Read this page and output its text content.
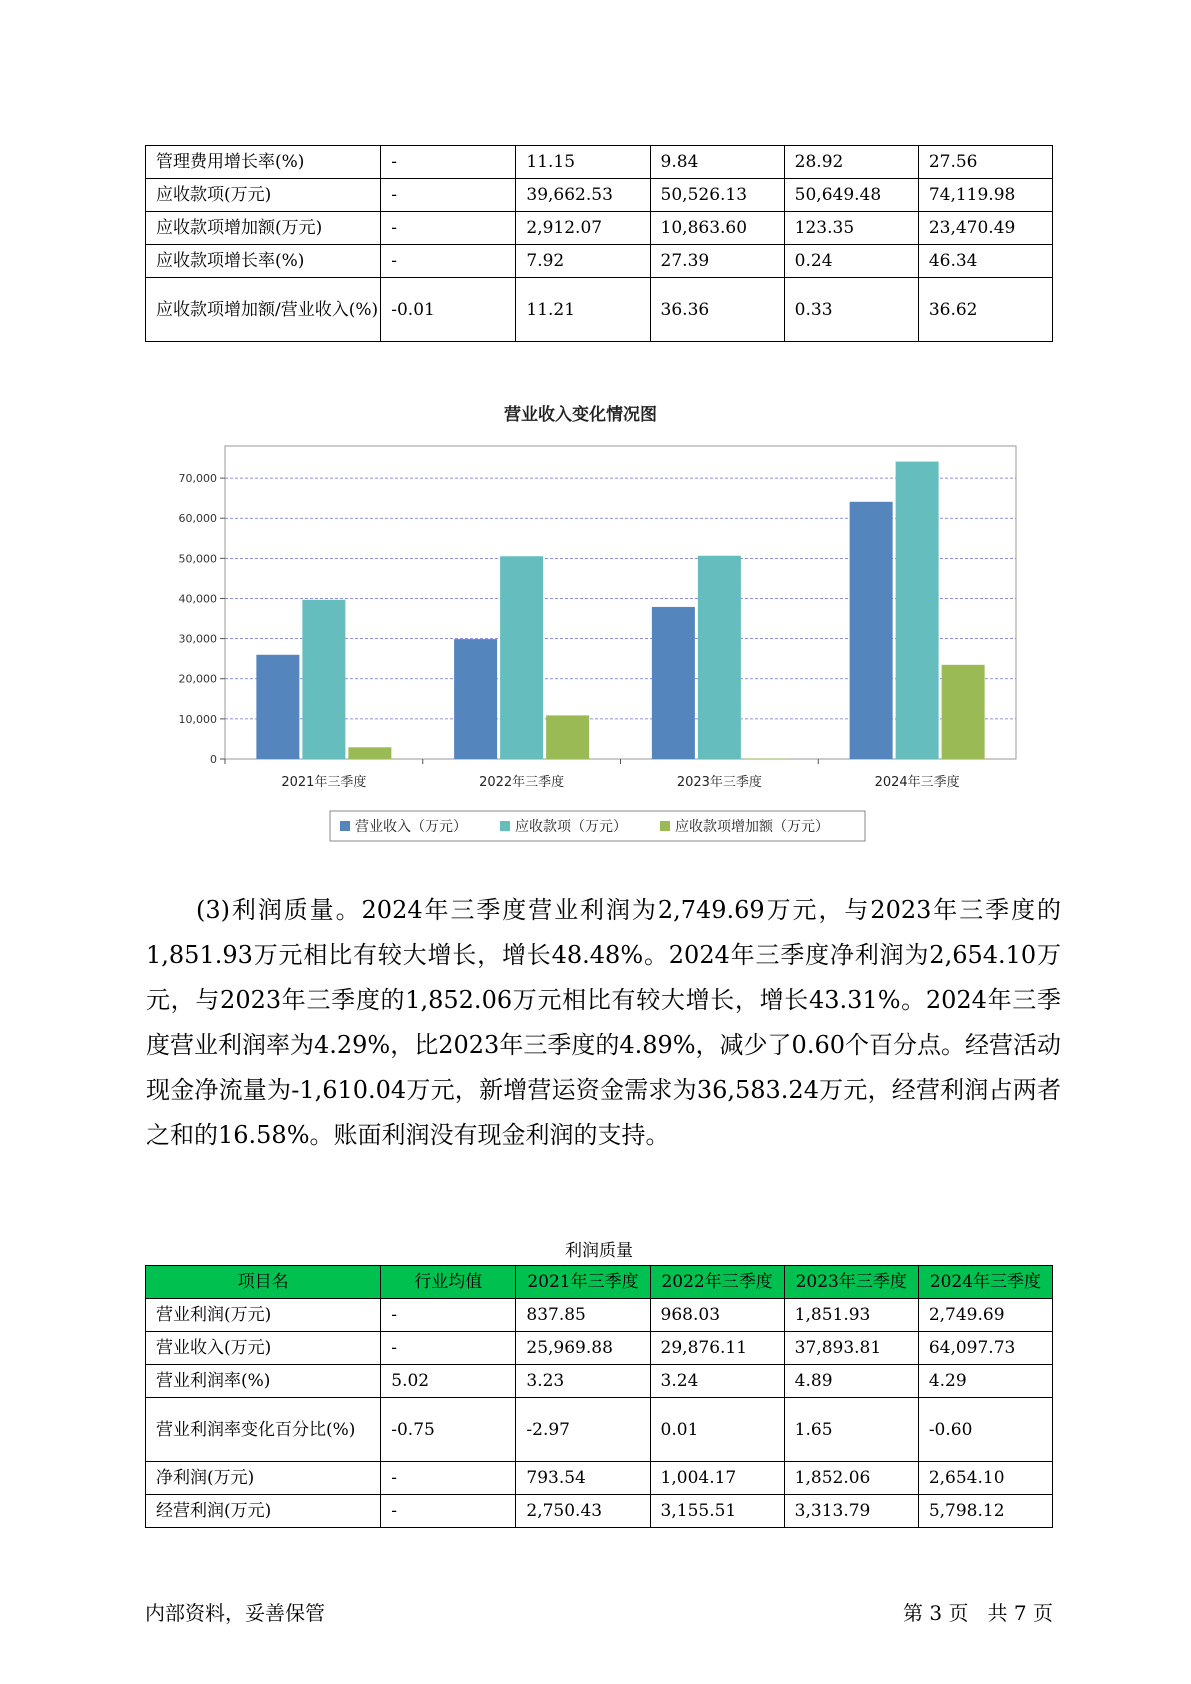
管理费用增长率(%)	-	11.15	9.84	28.92	27.56
应收款项(万元)	-	39,662.53	50,526.13	50,649.48	74,119.98
应收款项增加额(万元)	-	2,912.07	10,863.60	123.35	23,470.49
应收款项增长率(%)	-	7.92	27.39	0.24	46.34
应收款项增加额/营业收入(%)	-0.01	11.21	36.36	0.33	36.62
营业收入变化情况图
0
10,000
20,000
30,000
40,000
50,000
60,000
70,000
2021年三季度	2022年三季度	2023年三季度	2024年三季度
营业收入（万元）	应收款项（万元）	应收款项增加额（万元）

(3)利润质量。2024年三季度营业利润为2,749.69万元，与2023年三季度的1,851.93万元相比有较大增长，增长48.48%。2024年三季度净利润为2,654.10万元，与2023年三季度的1,852.06万元相比有较大增长，增长43.31%。2024年三季度营业利润率为4.29%，比2023年三季度的4.89%，减少了0.60个百分点。经营活动现金净流量为-1,610.04万元，新增营运资金需求为36,583.24万元，经营利润占两者之和的16.58%。账面利润没有现金利润的支持。

利润质量
项目名	行业均值	2021年三季度	2022年三季度	2023年三季度	2024年三季度
营业利润(万元)	-	837.85	968.03	1,851.93	2,749.69
营业收入(万元)	-	25,969.88	29,876.11	37,893.81	64,097.73
营业利润率(%)	5.02	3.23	3.24	4.89	4.29
营业利润率变化百分比(%)	-0.75	-2.97	0.01	1.65	-0.60
净利润(万元)	-	793.54	1,004.17	1,852.06	2,654.10
经营利润(万元)	-	2,750.43	3,155.51	3,313.79	5,798.12
内部资料，妥善保管	第 3 页   共 7 页
